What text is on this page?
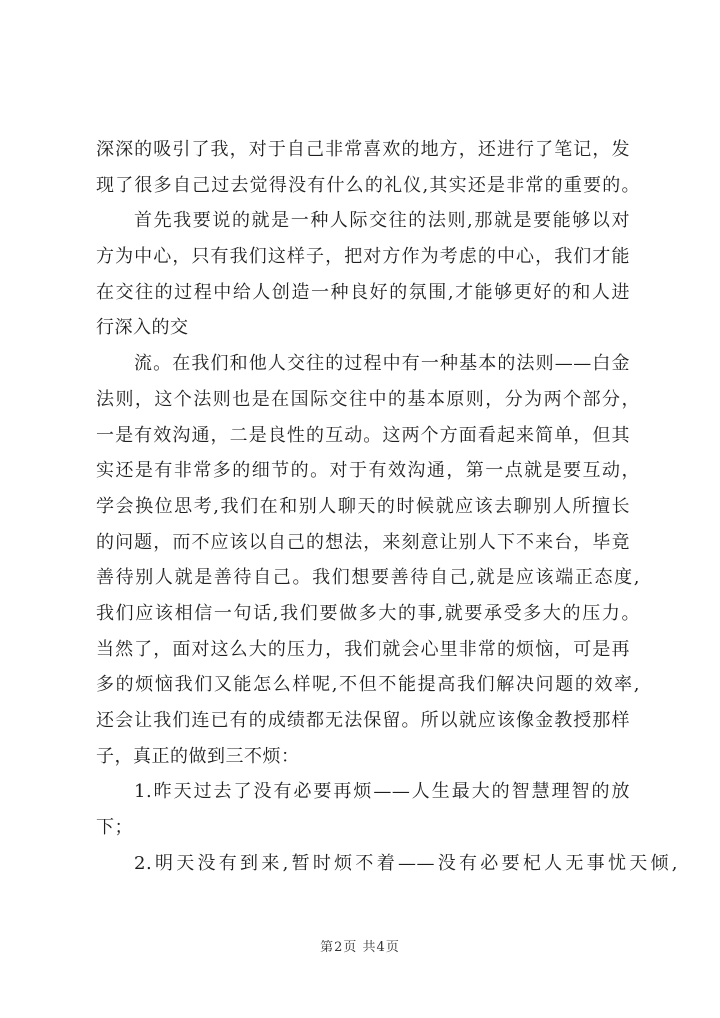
深深的吸引了我，对于自己非常喜欢的地方，还进行了笔记，发
现了很多自己过去觉得没有什么的礼仪,其实还是非常的重要的。
首先我要说的就是一种人际交往的法则,那就是要能够以对
方为中心，只有我们这样子，把对方作为考虑的中心，我们才能
在交往的过程中给人创造一种良好的氛围,才能够更好的和人进
行深入的交
流。在我们和他人交往的过程中有一种基本的法则——白金
法则，这个法则也是在国际交往中的基本原则，分为两个部分，
一是有效沟通，二是良性的互动。这两个方面看起来简单，但其
实还是有非常多的细节的。对于有效沟通，第一点就是要互动，
学会换位思考,我们在和别人聊天的时候就应该去聊别人所擅长
的问题，而不应该以自己的想法，来刻意让别人下不来台，毕竟
善待别人就是善待自己。我们想要善待自己,就是应该端正态度,
我们应该相信一句话,我们要做多大的事,就要承受多大的压力。
当然了，面对这么大的压力，我们就会心里非常的烦恼，可是再
多的烦恼我们又能怎么样呢,不但不能提高我们解决问题的效率,
还会让我们连已有的成绩都无法保留。所以就应该像金教授那样
子，真正的做到三不烦：
1.昨天过去了没有必要再烦——人生最大的智慧理智的放
下；
2.明天没有到来,暂时烦不着——没有必要杞人无事忧天倾,
第2页 共4页
